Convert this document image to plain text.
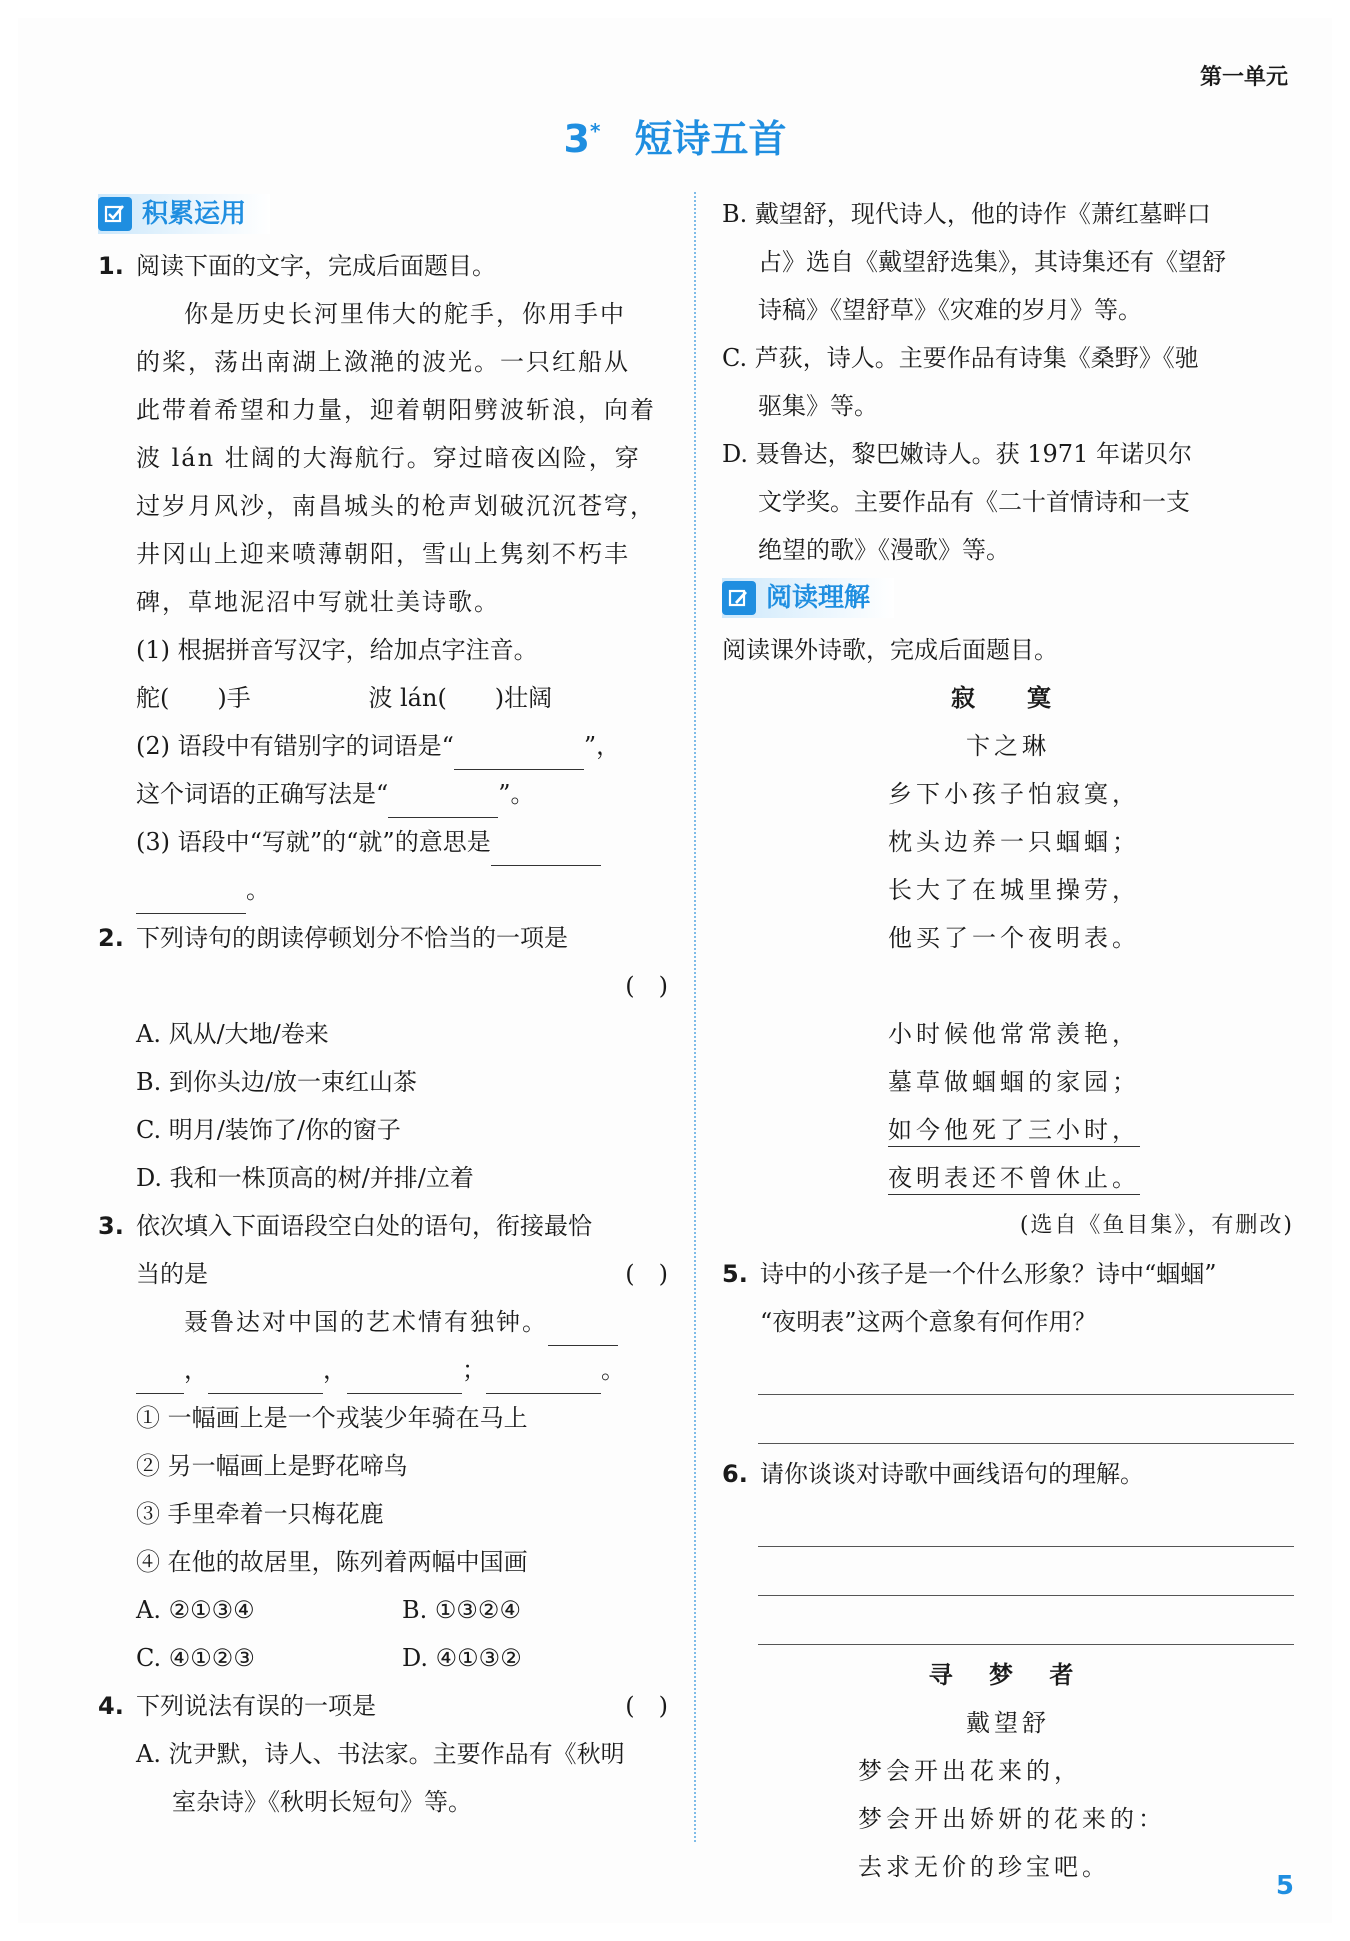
第一单元
3* 短诗五首
积累运用
1. 阅读下面的文字，完成后面题目。
你是历史长河里伟大的舵手，你用手中
的桨，荡出南湖上潋滟的波光。一只红船从
此带着希望和力量，迎着朝阳劈波斩浪，向着
波 lán 壮阔的大海航行。穿过暗夜凶险，穿
过岁月风沙，南昌城头的枪声划破沉沉苍穹，
井冈山上迎来喷薄朝阳，雪山上隽刻不朽丰
碑，草地泥沼中写就壮美诗歌。
(1) 根据拼音写汉字，给加点字注音。
舵(　　)手	波 lán(　　)壮阔
(2) 语段中有错别字的词语是“	”，
这个词语的正确写法是“	”。
(3) 语段中“写就”的“就”的意思是
。
2. 下列诗句的朗读停顿划分不恰当的一项是
(　)
A. 风从/大地/卷来
B. 到你头边/放一束红山茶
C. 明月/装饰了/你的窗子
D. 我和一株顶高的树/并排/立着
3. 依次填入下面语段空白处的语句，衔接最恰
当的是	(　)
聂鲁达对中国的艺术情有独钟。
，	，	；	。
① 一幅画上是一个戎装少年骑在马上
② 另一幅画上是野花啼鸟
③ 手里牵着一只梅花鹿
④ 在他的故居里，陈列着两幅中国画
A. ②①③④	B. ①③②④
C. ④①②③	D. ④①③②
4. 下列说法有误的一项是	(　)
A. 沈尹默，诗人、书法家。主要作品有《秋明
室杂诗》《秋明长短句》等。
B. 戴望舒，现代诗人，他的诗作《萧红墓畔口
占》选自《戴望舒选集》，其诗集还有《望舒
诗稿》《望舒草》《灾难的岁月》等。
C. 芦荻，诗人。主要作品有诗集《桑野》《驰
驱集》等。
D. 聂鲁达，黎巴嫩诗人。获 1971 年诺贝尔
文学奖。主要作品有《二十首情诗和一支
绝望的歌》《漫歌》等。
阅读理解
阅读课外诗歌，完成后面题目。
寂　寞
卞之琳
乡下小孩子怕寂寞，
枕头边养一只蝈蝈；
长大了在城里操劳，
他买了一个夜明表。
小时候他常常羡艳，
墓草做蝈蝈的家园；
如今他死了三小时，
夜明表还不曾休止。
(选自《鱼目集》，有删改)
5. 诗中的小孩子是一个什么形象？诗中“蝈蝈”
“夜明表”这两个意象有何作用？
6. 请你谈谈对诗歌中画线语句的理解。
寻 梦 者
戴望舒
梦会开出花来的，
梦会开出娇妍的花来的：
去求无价的珍宝吧。
5
